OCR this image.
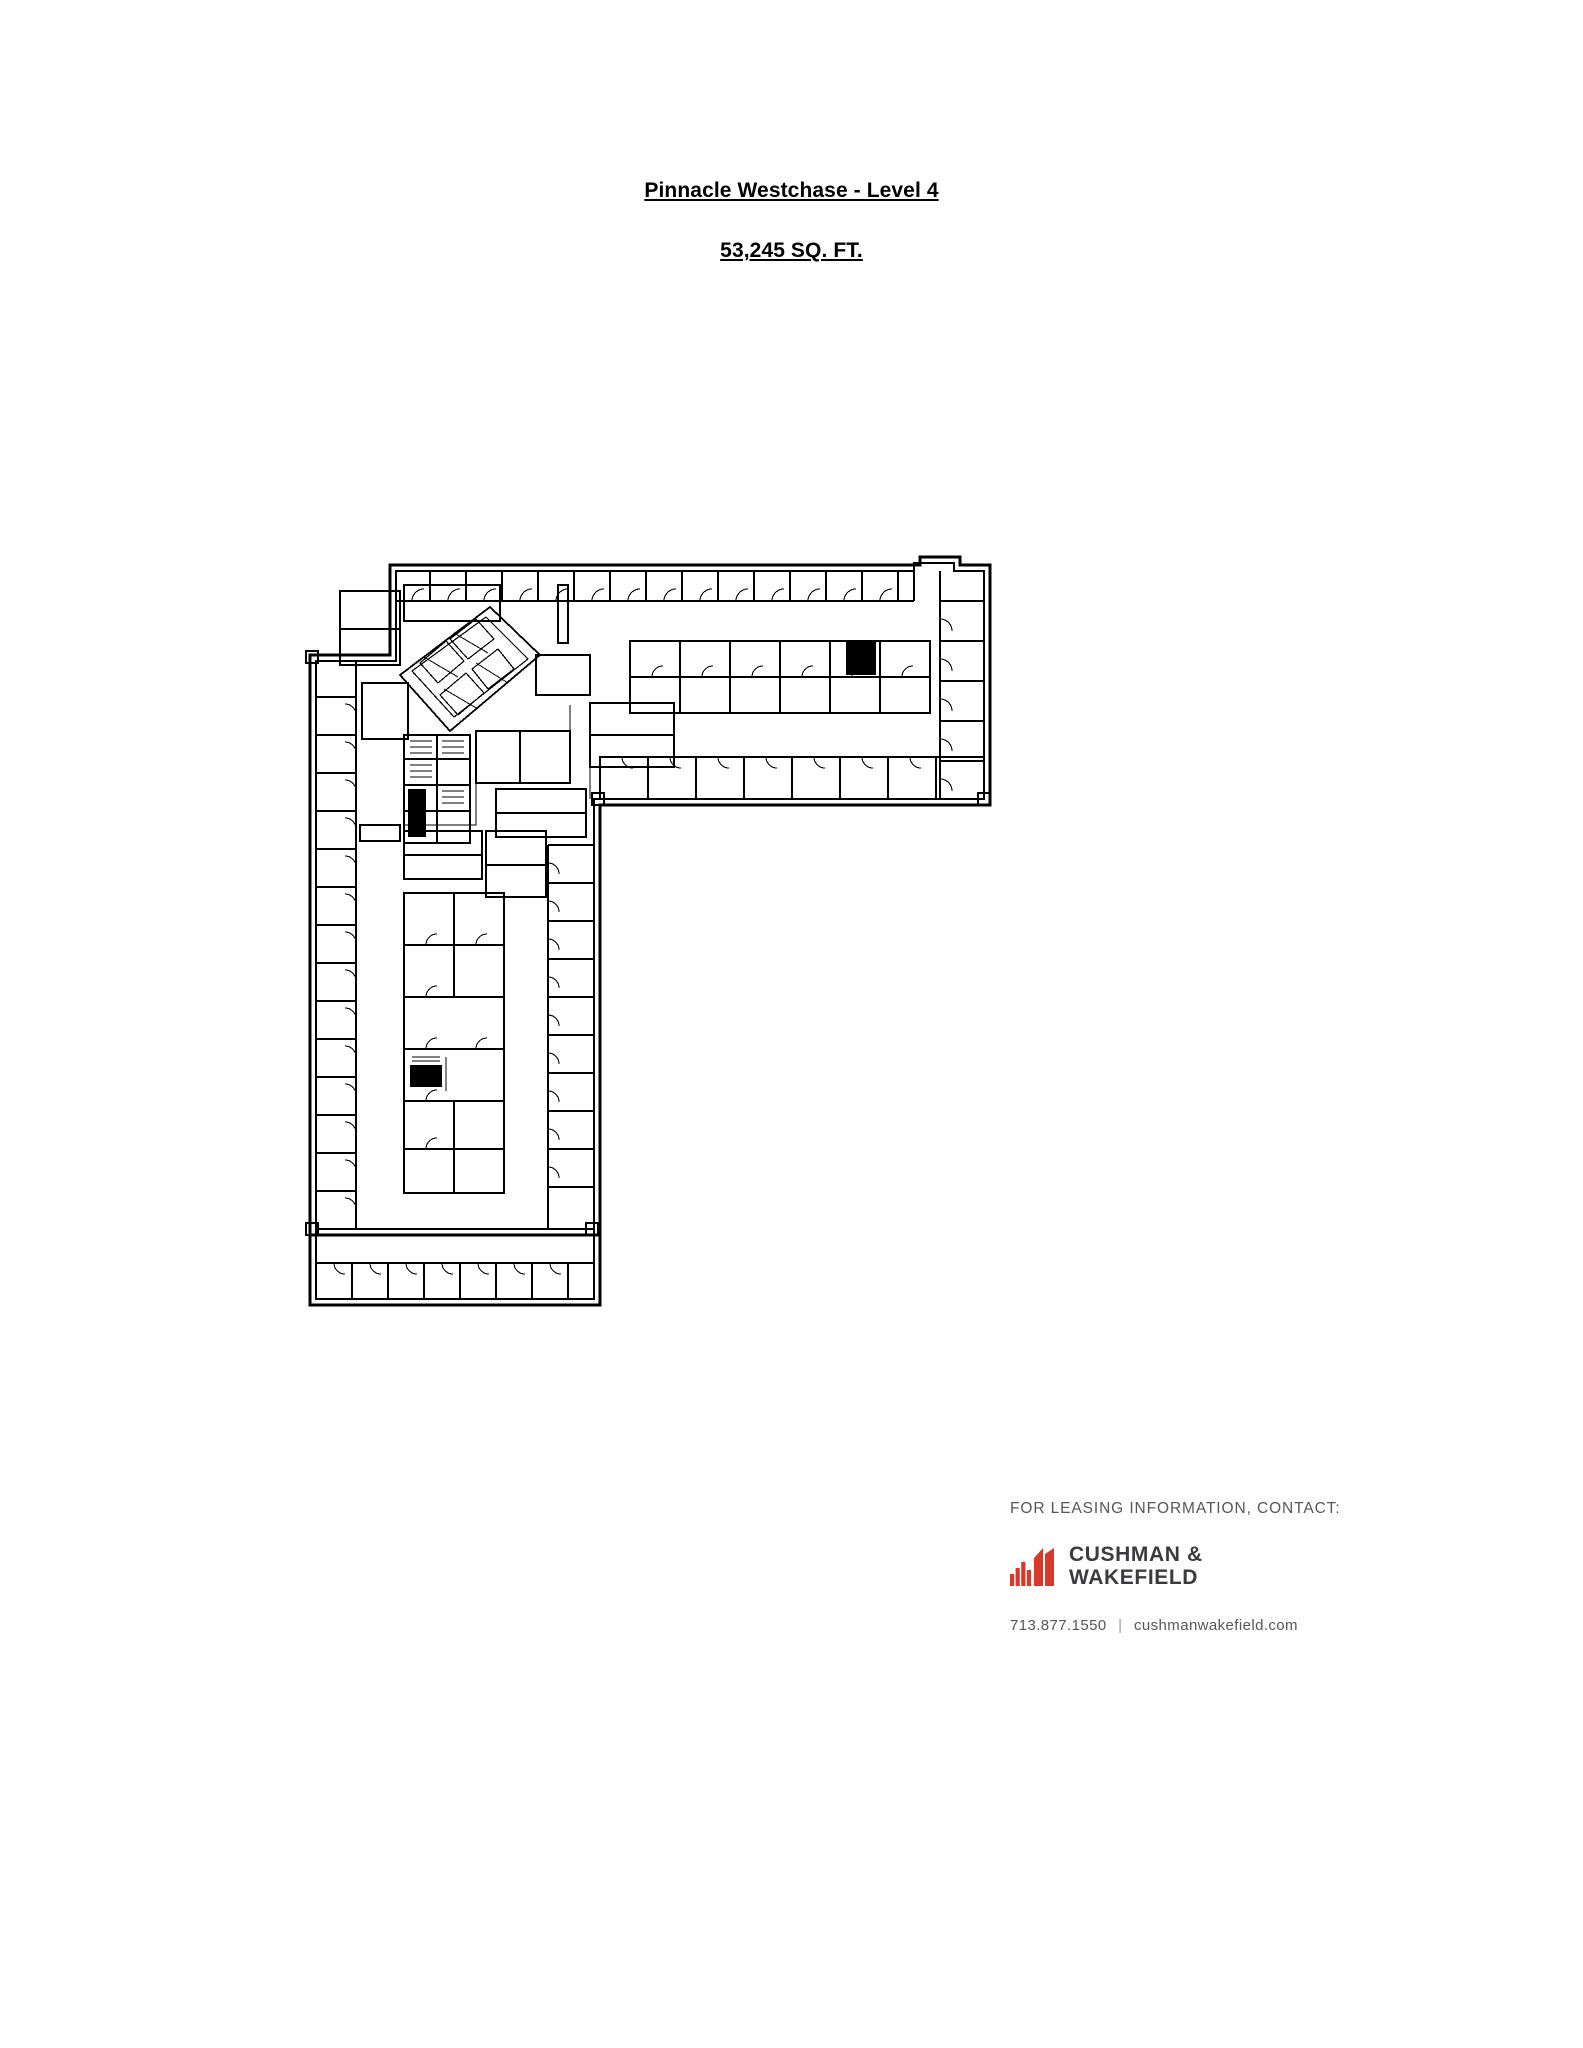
Pinnacle Westchase - Level 4
53,245 SQ. FT.
FOR LEASING INFORMATION, CONTACT:
CUSHMAN &
WAKEFIELD
713.877.1550 | cushmanwakefield.com
